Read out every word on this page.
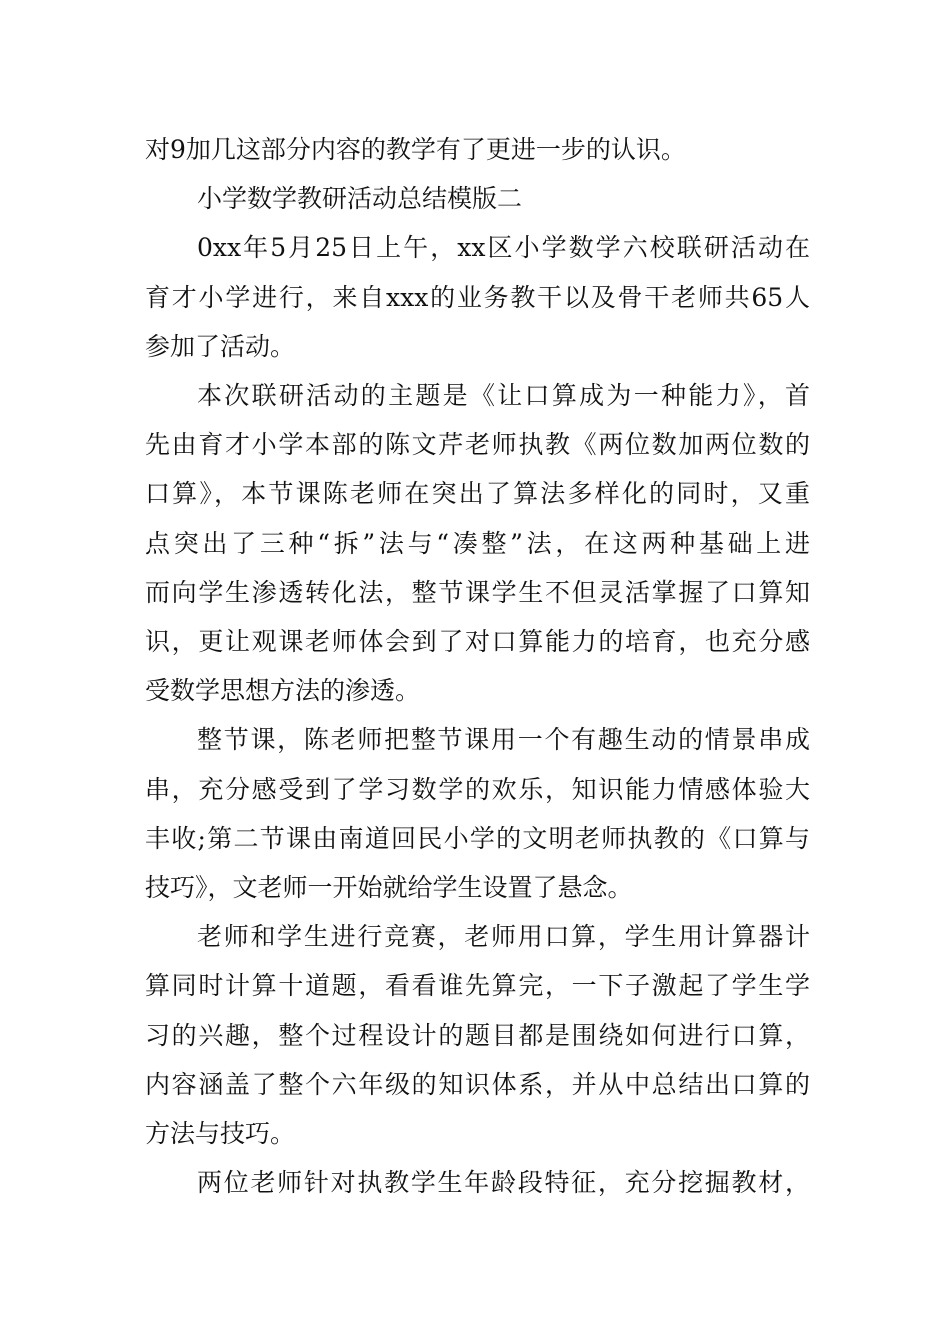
对9加几这部分内容的教学有了更进一步的认识。
小学数学教研活动总结模版二
0xx年5月25日上午，xx区小学数学六校联研活动在
育才小学进行，来自xxx的业务教干以及骨干老师共65人
参加了活动。
本次联研活动的主题是《让口算成为一种能力》，首
先由育才小学本部的陈文芹老师执教《两位数加两位数的
口算》，本节课陈老师在突出了算法多样化的同时，又重
点突出了三种“拆”法与“凑整”法，在这两种基础上进
而向学生渗透转化法，整节课学生不但灵活掌握了口算知
识，更让观课老师体会到了对口算能力的培育，也充分感
受数学思想方法的渗透。
整节课，陈老师把整节课用一个有趣生动的情景串成
串，充分感受到了学习数学的欢乐，知识能力情感体验大
丰收;第二节课由南道回民小学的文明老师执教的《口算与
技巧》，文老师一开始就给学生设置了悬念。
老师和学生进行竞赛，老师用口算，学生用计算器计
算同时计算十道题，看看谁先算完，一下子激起了学生学
习的兴趣，整个过程设计的题目都是围绕如何进行口算，
内容涵盖了整个六年级的知识体系，并从中总结出口算的
方法与技巧。
两位老师针对执教学生年龄段特征，充分挖掘教材，
